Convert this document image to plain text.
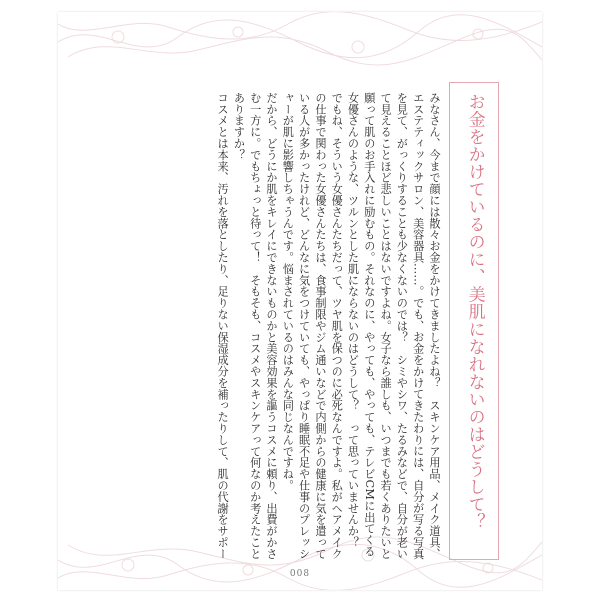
お金をかけているのに、美肌になれないのはどうして？

みなさん、今まで顔には散々お金をかけてきましたよね？　スキンケア用品、メイク道具、エステティックサロン、美容器具……。でも、お金をかけてきたわりには、自分が写る写真を見て、がっくりすることも少なくないのでは？　シミやシワ、たるみなどで、自分が老いて見えることほど悲しいことはないですよね。女子なら誰しも、いつまでも若くありたいと願って肌のお手入れに励むもの。それなのに、やっても、やっても、テレビCMに出てくる女優さんのような、ツルンとした肌にならないのはどうして？　って思っていませんか？

でもね、そういう女優さんたちだって、ツヤ肌を保つのに必死なんですよ。私がヘアメイクの仕事で関わった女優さんたちは、食事制限やジム通いなどで内側からの健康に気を遣っている人が多かったけれど、どんなに気をつけていても、やっぱり睡眠不足や仕事のプレッシャーが肌に影響しちゃうんです。悩まされているのはみんな同じなんですね。

だから、どうにか肌をキレイにできないものかと美容効果を謳うコスメに頼り、出費がかさむ一方に。でもちょっと待って！　そもそも、コスメやスキンケアって何なのか考えたことありますか？

コスメとは本来、汚れを落としたり、足りない保湿成分を補ったりして、肌の代謝をサポー

008
